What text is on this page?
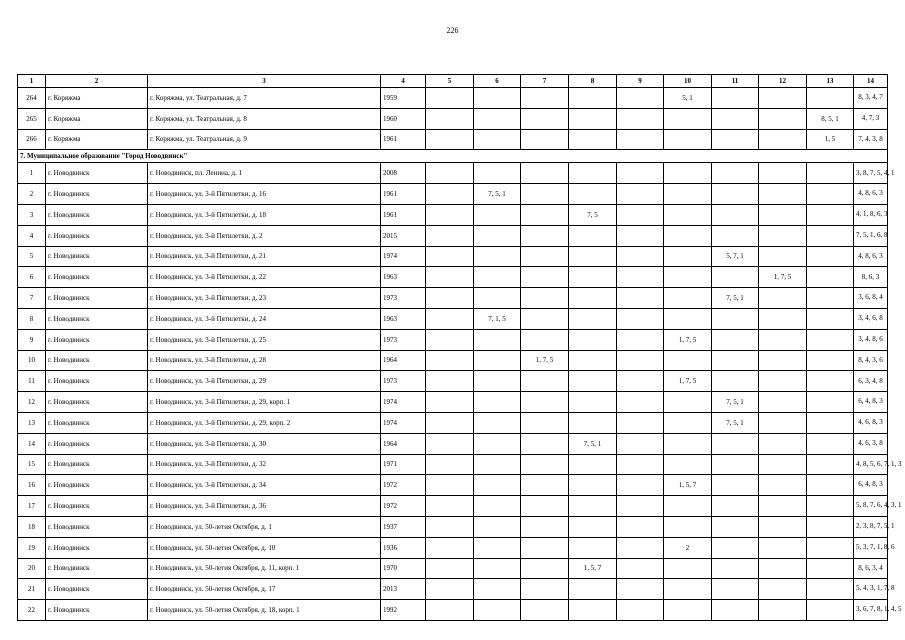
226
1	2	3	4	5	6	7	8	9	10	11	12	13	14
264	г. Коряжма	г. Коряжма, ул. Театральная, д. 7	1959						5, 1				8, 3, 4, 7
265	г. Коряжма	г. Коряжма, ул. Театральная, д. 8	1960									8, 5, 1	4, 7, 3
266	г. Коряжма	г. Коряжма, ул. Театральная, д. 9	1961									1, 5	7, 4, 3, 8
7. Муниципальное образование "Город Новодвинск"													
1	г. Новодвинск	г. Новодвинск, пл. Ленина, д. 1	2008										3, 8, 7, 5, 4, 1
2	г. Новодвинск	г. Новодвинск, ул. 3-й Пятилетки, д. 16	1961		7, 5, 1								4, 8, 6, 3
3	г. Новодвинск	г. Новодвинск, ул. 3-й Пятилетки, д. 18	1961				7, 5						4, 1, 8, 6, 3
4	г. Новодвинск	г. Новодвинск, ул. 3-й Пятилетки, д. 2	2015										7, 5, 1, 6, 8
5	г. Новодвинск	г. Новодвинск, ул. 3-й Пятилетки, д. 21	1974							5, 7, 1			4, 8, 6, 3
6	г. Новодвинск	г. Новодвинск, ул. 3-й Пятилетки, д. 22	1963								1, 7, 5		8, 6, 3
7	г. Новодвинск	г. Новодвинск, ул. 3-й Пятилетки, д. 23	1973							7, 5, 1			3, 6, 8, 4
8	г. Новодвинск	г. Новодвинск, ул. 3-й Пятилетки, д. 24	1963		7, 1, 5								3, 4, 6, 8
9	г. Новодвинск	г. Новодвинск, ул. 3-й Пятилетки, д. 25	1973						1, 7, 5				3, 4, 8, 6
10	г. Новодвинск	г. Новодвинск, ул. 3-й Пятилетки, д. 28	1964			1, 7, 5							8, 4, 3, 6
11	г. Новодвинск	г. Новодвинск, ул. 3-й Пятилетки, д. 29	1973						1, 7, 5				6, 3, 4, 8
12	г. Новодвинск	г. Новодвинск, ул. 3-й Пятилетки, д. 29, корп. 1	1974							7, 5, 1			6, 4, 8, 3
13	г. Новодвинск	г. Новодвинск, ул. 3-й Пятилетки, д. 29, корп. 2	1974							7, 5, 1			4, 6, 8, 3
14	г. Новодвинск	г. Новодвинск, ул. 3-й Пятилетки, д. 30	1964				7, 5, 1						4, 6, 3, 8
15	г. Новодвинск	г. Новодвинск, ул. 3-й Пятилетки, д. 32	1971										4, 8, 5, 6, 7, 1, 3
16	г. Новодвинск	г. Новодвинск, ул. 3-й Пятилетки, д. 34	1972						1, 5, 7				6, 4, 8, 3
17	г. Новодвинск	г. Новодвинск, ул. 3-й Пятилетки, д. 36	1972										5, 8, 7, 6, 4, 3, 1
18	г. Новодвинск	г. Новодвинск, ул. 50-летия Октября, д. 1	1937										2, 3, 8, 7, 5, 1
19	г. Новодвинск	г. Новодвинск, ул. 50-летия Октября, д. 10	1936						2				5, 3, 7, 1, 8, 6
20	г. Новодвинск	г. Новодвинск, ул. 50-летия Октября, д. 11, корп. 1	1970				1, 5, 7						8, 6, 3, 4
21	г. Новодвинск	г. Новодвинск, ул. 50-летия Октября, д. 17	2013										5, 4, 3, 1, 7, 8
22	г. Новодвинск	г. Новодвинск, ул. 50-летия Октября, д. 18, корп. 1	1992										3, 6, 7, 8, 1, 4, 5
